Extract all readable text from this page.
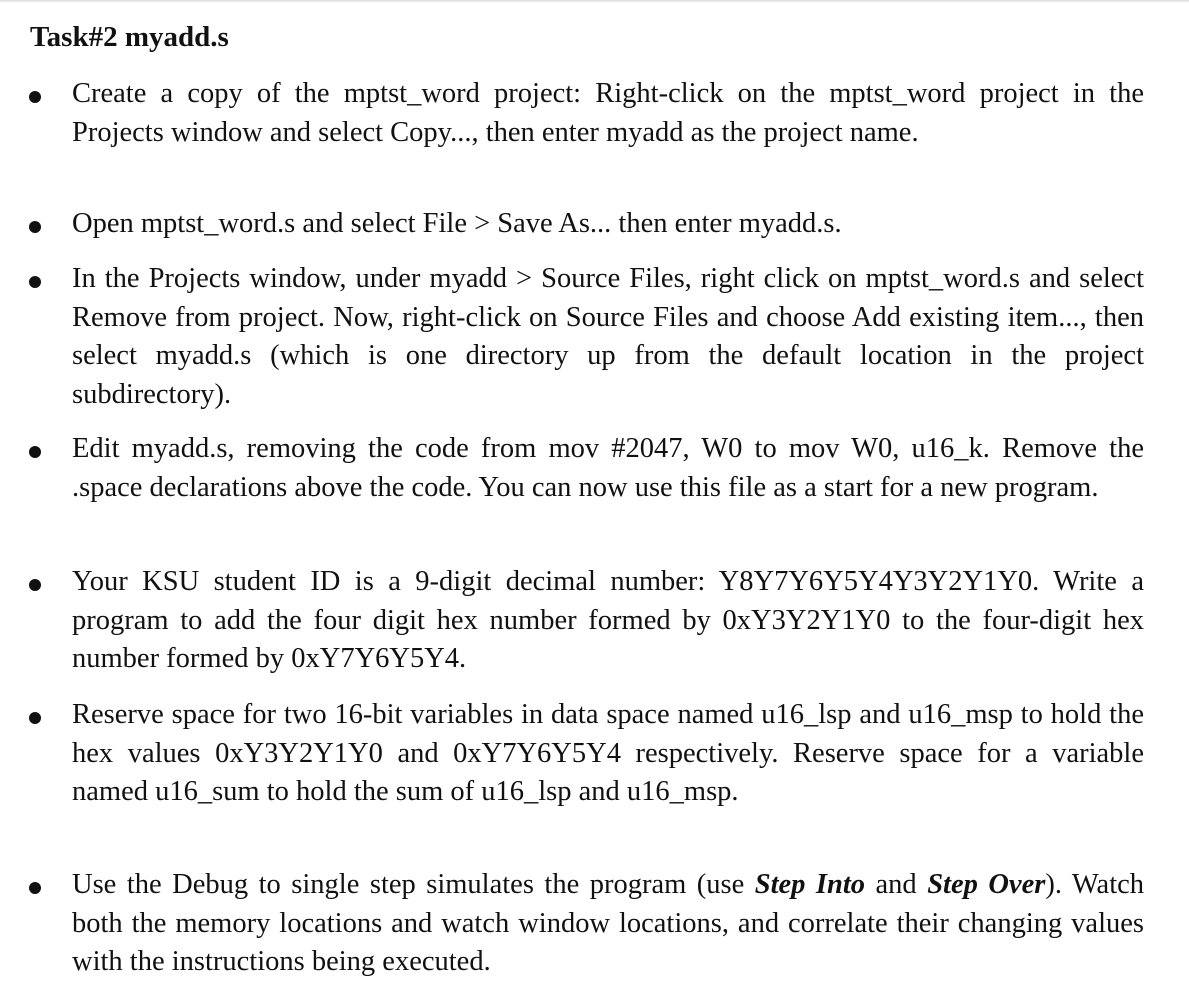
Task#2 myadd.s

Create a copy of the mptst_word project: Right-click on the mptst_word project in the Projects window and select Copy..., then enter myadd as the project name.

Open mptst_word.s and select File > Save As... then enter myadd.s.

In the Projects window, under myadd > Source Files, right click on mptst_word.s and select Remove from project. Now, right-click on Source Files and choose Add existing item..., then select myadd.s (which is one directory up from the default location in the project subdirectory).

Edit myadd.s, removing the code from mov #2047, W0 to mov W0, u16_k. Remove the .space declarations above the code. You can now use this file as a start for a new program.

Your KSU student ID is a 9-digit decimal number: Y8Y7Y6Y5Y4Y3Y2Y1Y0. Write a program to add the four digit hex number formed by 0xY3Y2Y1Y0 to the four-digit hex number formed by 0xY7Y6Y5Y4.

Reserve space for two 16-bit variables in data space named u16_lsp and u16_msp to hold the hex values 0xY3Y2Y1Y0 and 0xY7Y6Y5Y4 respectively. Reserve space for a variable named u16_sum to hold the sum of u16_lsp and u16_msp.

Use the Debug to single step simulates the program (use Step Into and Step Over). Watch both the memory locations and watch window locations, and correlate their changing values with the instructions being executed.
